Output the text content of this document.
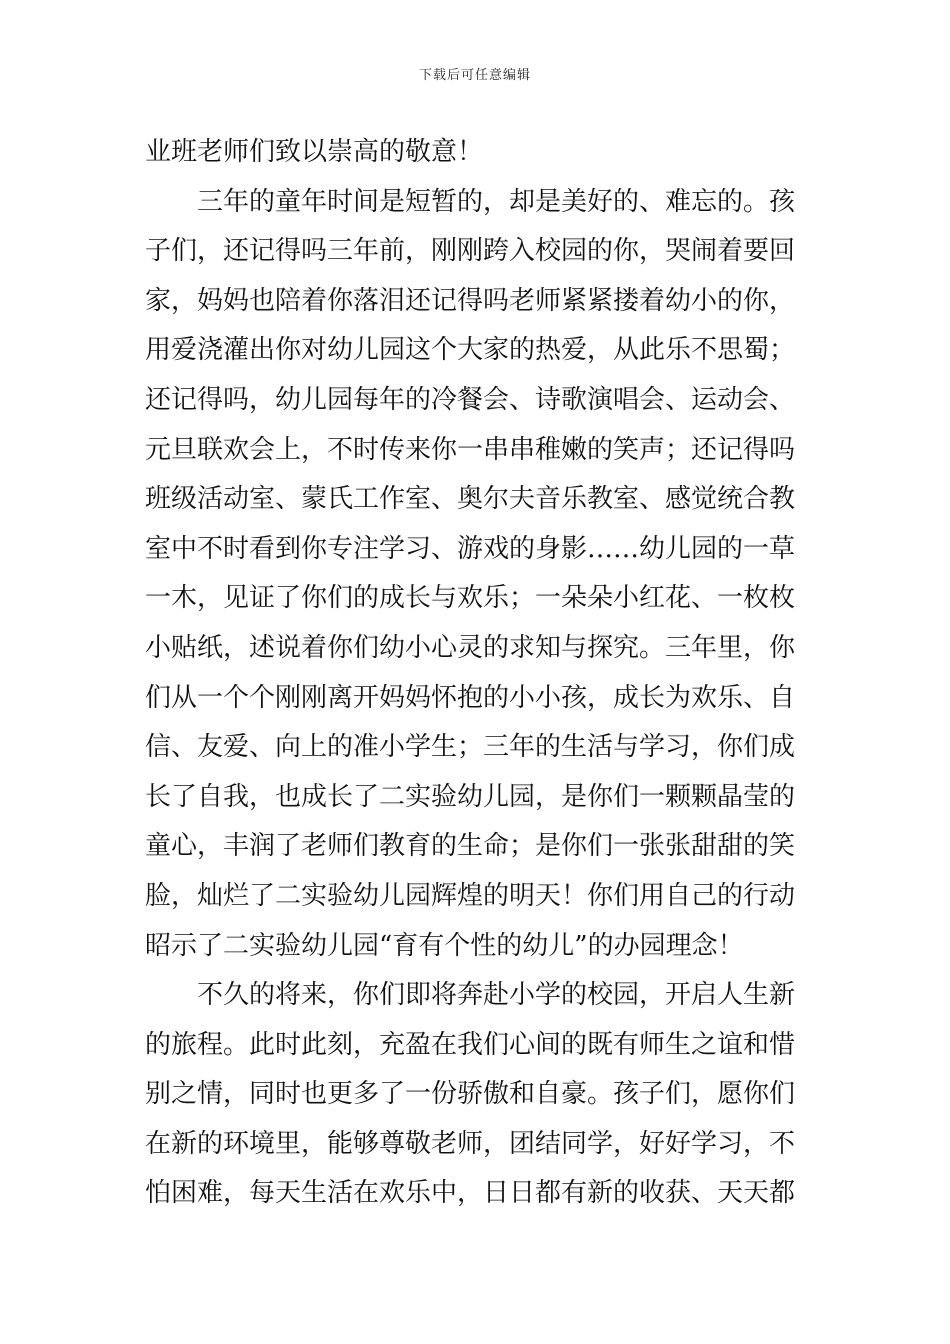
下载后可任意编辑
业班老师们致以崇高的敬意！
三年的童年时间是短暂的，却是美好的、难忘的。孩
子们，还记得吗三年前，刚刚跨入校园的你，哭闹着要回
家，妈妈也陪着你落泪还记得吗老师紧紧搂着幼小的你，
用爱浇灌出你对幼儿园这个大家的热爱，从此乐不思蜀；
还记得吗，幼儿园每年的冷餐会、诗歌演唱会、运动会、
元旦联欢会上，不时传来你一串串稚嫩的笑声；还记得吗
班级活动室、蒙氏工作室、奥尔夫音乐教室、感觉统合教
室中不时看到你专注学习、游戏的身影……幼儿园的一草
一木，见证了你们的成长与欢乐；一朵朵小红花、一枚枚
小贴纸，述说着你们幼小心灵的求知与探究。三年里，你
们从一个个刚刚离开妈妈怀抱的小小孩，成长为欢乐、自
信、友爱、向上的准小学生；三年的生活与学习，你们成
长了自我，也成长了二实验幼儿园，是你们一颗颗晶莹的
童心，丰润了老师们教育的生命；是你们一张张甜甜的笑
脸，灿烂了二实验幼儿园辉煌的明天！你们用自己的行动
昭示了二实验幼儿园“育有个性的幼儿”的办园理念！
不久的将来，你们即将奔赴小学的校园，开启人生新
的旅程。此时此刻，充盈在我们心间的既有师生之谊和惜
别之情，同时也更多了一份骄傲和自豪。孩子们，愿你们
在新的环境里，能够尊敬老师，团结同学，好好学习，不
怕困难，每天生活在欢乐中，日日都有新的收获、天天都
